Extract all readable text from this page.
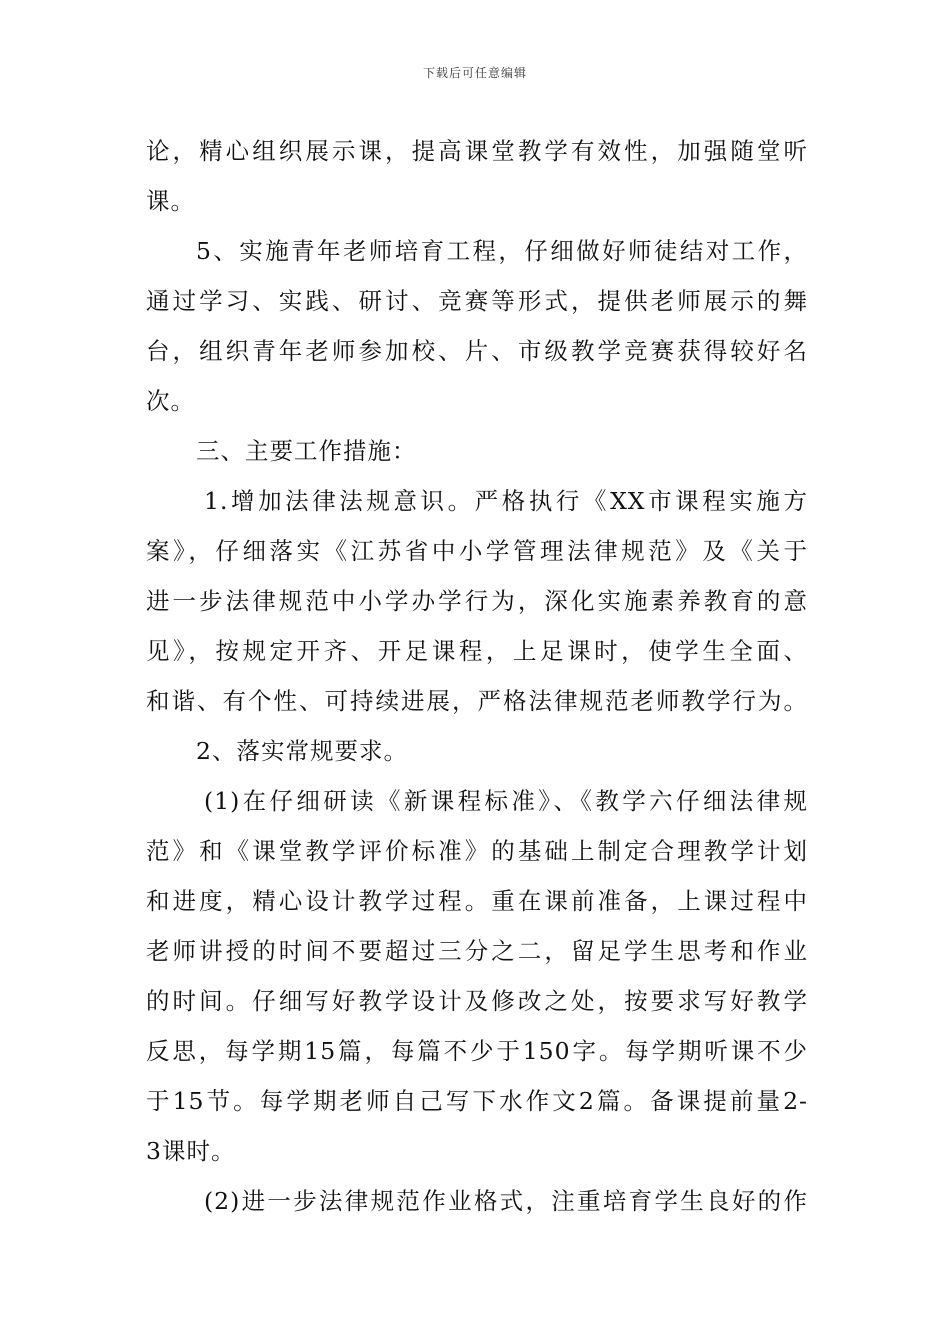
下载后可任意编辑
论，精心组织展示课，提高课堂教学有效性，加强随堂听
课。
5、实施青年老师培育工程，仔细做好师徒结对工作，
通过学习、实践、研讨、竞赛等形式，提供老师展示的舞
台，组织青年老师参加校、片、市级教学竞赛获得较好名
次。
三、主要工作措施：
1.增加法律法规意识。严格执行《XX市课程实施方
案》，仔细落实《江苏省中小学管理法律规范》及《关于
进一步法律规范中小学办学行为，深化实施素养教育的意
见》，按规定开齐、开足课程，上足课时，使学生全面、
和谐、有个性、可持续进展，严格法律规范老师教学行为。
2、落实常规要求。
(1)在仔细研读《新课程标准》、《教学六仔细法律规
范》和《课堂教学评价标准》的基础上制定合理教学计划
和进度，精心设计教学过程。重在课前准备，上课过程中
老师讲授的时间不要超过三分之二，留足学生思考和作业
的时间。仔细写好教学设计及修改之处，按要求写好教学
反思，每学期15篇，每篇不少于150字。每学期听课不少
于15节。每学期老师自己写下水作文2篇。备课提前量2-
3课时。
(2)进一步法律规范作业格式，注重培育学生良好的作
